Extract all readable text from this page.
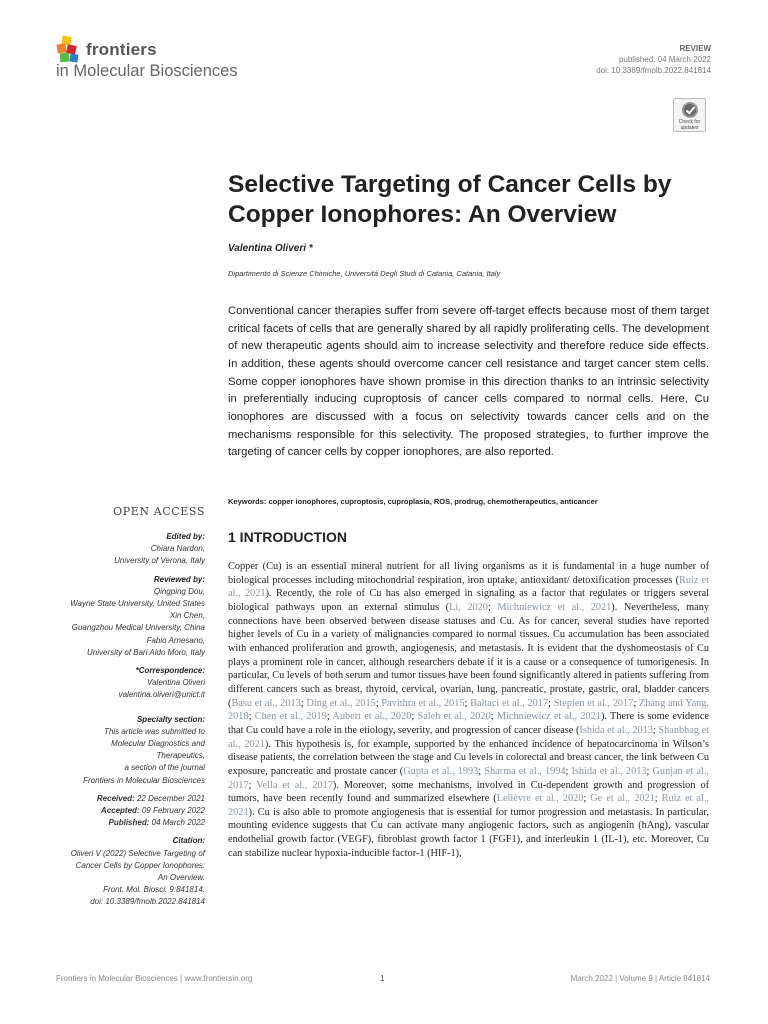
frontiers
in Molecular Biosciences
REVIEW
published: 04 March 2022
doi: 10.3389/fmolb.2022.841814
Check for updates
Selective Targeting of Cancer Cells by Copper Ionophores: An Overview
Valentina Oliveri *
Dipartimento di Scienze Chimiche, Università Degli Studi di Catania, Catania, Italy
Conventional cancer therapies suffer from severe off-target effects because most of them target critical facets of cells that are generally shared by all rapidly proliferating cells. The development of new therapeutic agents should aim to increase selectivity and therefore reduce side effects. In addition, these agents should overcome cancer cell resistance and target cancer stem cells. Some copper ionophores have shown promise in this direction thanks to an intrinsic selectivity in preferentially inducing cuproptosis of cancer cells compared to normal cells. Here, Cu ionophores are discussed with a focus on selectivity towards cancer cells and on the mechanisms responsible for this selectivity. The proposed strategies, to further improve the targeting of cancer cells by copper ionophores, are also reported.
OPEN ACCESS
Edited by:
Chiara Nardon,
University of Verona, Italy
Reviewed by:
Qingping Dou,
Wayne State University, United States
Xin Chen,
Guangzhou Medical University, China
Fabio Arnesano,
University of Bari Aldo Moro, Italy
*Correspondence:
Valentina Oliveri
valentina.oliveri@unict.it
Specialty section:
This article was submitted to
Molecular Diagnostics and
Therapeutics,
a section of the journal
Frontiers in Molecular Biosciences
Received: 22 December 2021
Accepted: 09 February 2022
Published: 04 March 2022
Citation:
Oliveri V (2022) Selective Targeting of
Cancer Cells by Copper Ionophores:
An Overview.
Front. Mol. Biosci. 9:841814.
doi: 10.3389/fmolb.2022.841814
Keywords: copper ionophores, cuproptosis, cuproplasia, ROS, prodrug, chemotherapeutics, anticancer
1 INTRODUCTION
Copper (Cu) is an essential mineral nutrient for all living organisms as it is fundamental in a huge number of biological processes including mitochondrial respiration, iron uptake, antioxidant/ detoxification processes (Ruiz et al., 2021). Recently, the role of Cu has also emerged in signaling as a factor that regulates or triggers several biological pathways upon an external stimulus (Li, 2020; Michniewicz et al., 2021). Nevertheless, many connections have been observed between disease statuses and Cu. As for cancer, several studies have reported higher levels of Cu in a variety of malignancies compared to normal tissues. Cu accumulation has been associated with enhanced proliferation and growth, angiogenesis, and metastasis. It is evident that the dyshomeostasis of Cu plays a prominent role in cancer, although researchers debate if it is a cause or a consequence of tumorigenesis. In particular, Cu levels of both serum and tumor tissues have been found significantly altered in patients suffering from different cancers such as breast, thyroid, cervical, ovarian, lung, pancreatic, prostate, gastric, oral, bladder cancers (Basu et al., 2013; Ding et al., 2015; Pavithra et al., 2015; Baltaci et al., 2017; Stepien et al., 2017; Zhang and Yang, 2018; Chen et al., 2019; Aubert et al., 2020; Saleh et al., 2020; Michniewicz et al., 2021). There is some evidence that Cu could have a role in the etiology, severity, and progression of cancer disease (Ishida et al., 2013; Shanbhag et al., 2021). This hypothesis is, for example, supported by the enhanced incidence of hepatocarcinoma in Wilson’s disease patients, the correlation between the stage and Cu levels in colorectal and breast cancer, the link between Cu exposure, pancreatic and prostate cancer (Gupta et al., 1993; Sharma et al., 1994; Ishida et al., 2013; Gunjan et al., 2017; Vella et al., 2017). Moreover, some mechanisms, involved in Cu-dependent growth and progression of tumors, have been recently found and summarized elsewhere (Lelièvre et al., 2020; Ge et al., 2021; Ruiz et al., 2021). Cu is also able to promote angiogenesis that is essential for tumor progression and metastasis. In particular, mounting evidence suggests that Cu can activate many angiogenic factors, such as angiogenin (hAng), vascular endothelial growth factor (VEGF), fibroblast growth factor 1 (FGF1), and interleukin 1 (IL-1), etc. Moreover, Cu can stabilize nuclear hypoxia-inducible factor-1 (HIF-1),
Frontiers in Molecular Biosciences | www.frontiersin.org	1	March 2022 | Volume 9 | Article 841814
